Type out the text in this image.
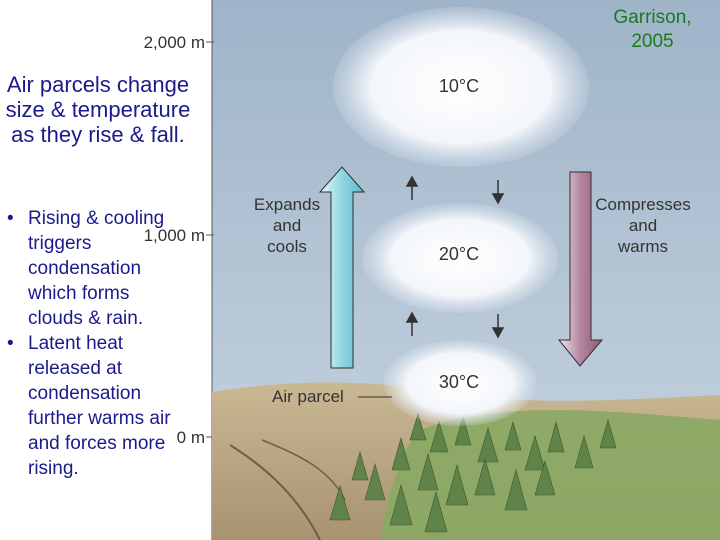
2,000 m
1,000 m
0 m
10°C
20°C
30°C
Expands
and
cools
Compresses
and
warms
Air parcel
Garrison, 2005
Air parcels change size & temperature as they rise & fall.
• Rising & cooling triggers condensation which forms clouds & rain.
• Latent heat released at condensation further warms air and forces more rising.
